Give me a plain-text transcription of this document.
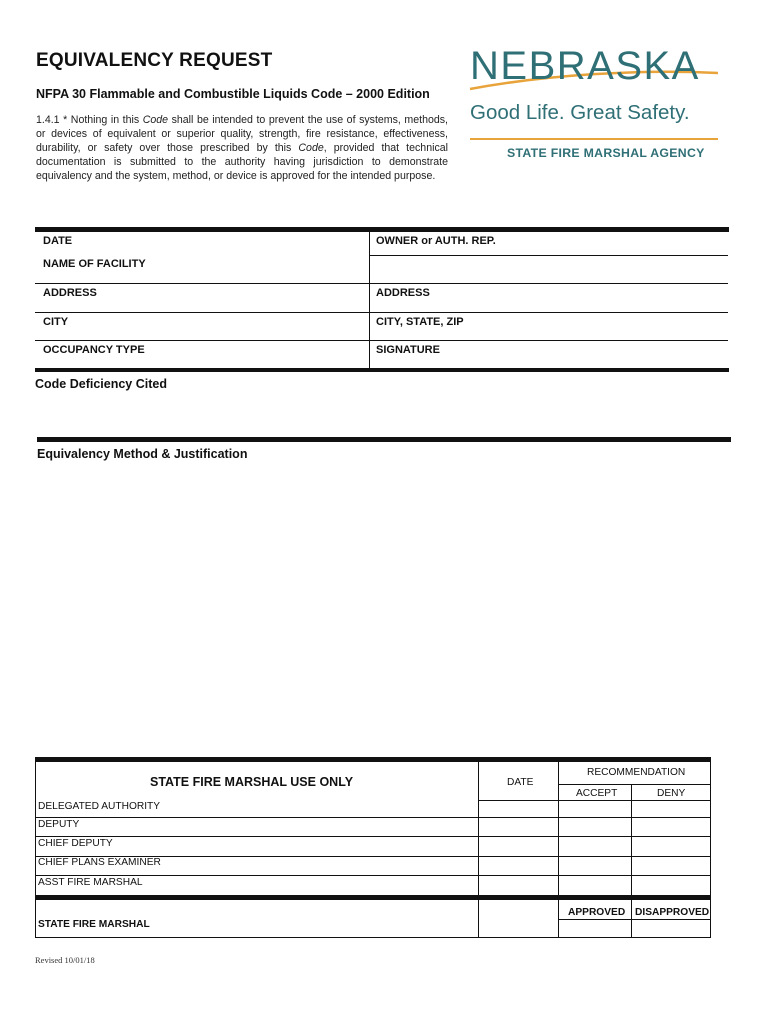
EQUIVALENCY REQUEST
NFPA 30 Flammable and Combustible Liquids Code – 2000 Edition
1.4.1 * Nothing in this Code shall be intended to prevent the use of systems, methods, or devices of equivalent or superior quality, strength, fire resistance, effectiveness, durability, or safety over those prescribed by this Code, provided that technical documentation is submitted to the authority having jurisdiction to demonstrate equivalency and the system, method, or device is approved for the intended purpose.
NEBRASKA
Good Life. Great Safety.
STATE FIRE MARSHAL AGENCY
DATE
NAME OF FACILITY
ADDRESS
CITY
OCCUPANCY TYPE
OWNER or AUTH. REP.
ADDRESS
CITY, STATE, ZIP
SIGNATURE
Code Deficiency Cited
Equivalency Method & Justification
STATE FIRE MARSHAL USE ONLY	DATE
RECOMMENDATION
ACCEPT	DENY
DELEGATED AUTHORITY
DEPUTY
CHIEF DEPUTY
CHIEF PLANS EXAMINER
ASST FIRE MARSHAL
APPROVED DISAPPROVED
STATE FIRE MARSHAL
Revised 10/01/18
